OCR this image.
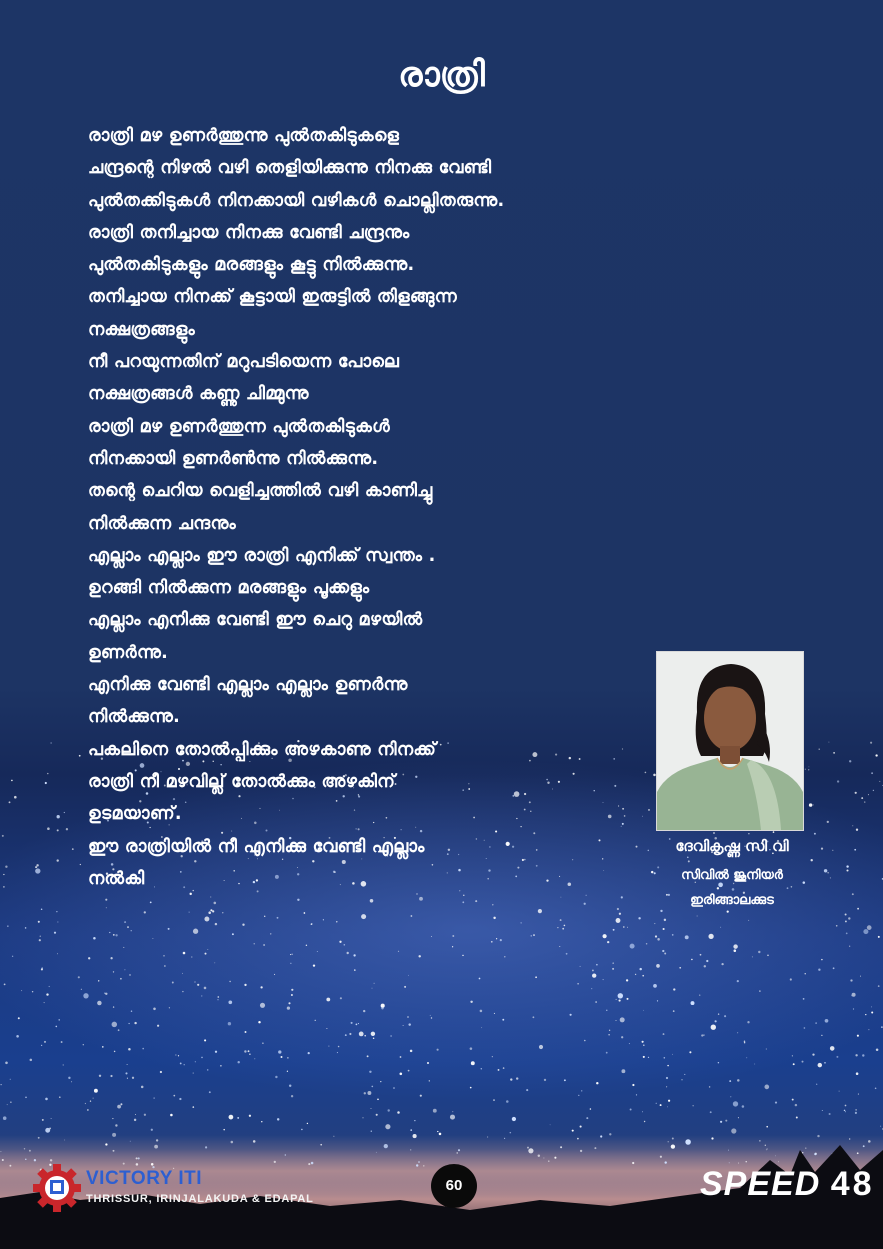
രാത്രി
രാത്രി മഴ ഉണർത്തുന്നു പുൽതകിടുകളെ
ചന്ദ്രന്റെ നിഴൽ വഴി തെളിയിക്കുന്നു നിനക്കു വേണ്ടി
പുൽതക്കിടുകൾ നിനക്കായി വഴികൾ ചൊല്ലിതരുന്നു.
രാത്രി തനിച്ചായ നിനക്കു വേണ്ടി ചന്ദ്രനും
പുൽതകിടുകളും മരങ്ങളും കൂട്ടു നിൽക്കുന്നു.
തനിച്ചായ നിനക്ക് കൂട്ടായി ഇരുട്ടിൽ തിളങ്ങുന്ന
നക്ഷത്രങ്ങളും
നീ പറയുന്നതിന് മറുപടിയെന്ന പോലെ
നക്ഷത്രങ്ങൾ കണ്ണു ചിമ്മുന്നു
രാത്രി മഴ ഉണർത്തുന്ന പുൽതകിടുകൾ
നിനക്കായി ഉണർൺന്നു നിൽക്കുന്നു.
തന്റെ ചെറിയ വെളിച്ചത്തിൽ വഴി കാണിച്ചു
നിൽക്കുന്ന ചന്ദനും
എല്ലാം എല്ലാം ഈ രാത്രി എനിക്ക് സ്വന്തം .
ഉറങ്ങി നിൽക്കുന്ന മരങ്ങളും പൂക്കളും
എല്ലാം എനിക്കു വേണ്ടി ഈ ചെറു മഴയിൽ
ഉണർന്നു.
എനിക്കു വേണ്ടി എല്ലാം എല്ലാം ഉണർന്നു
നിൽക്കുന്നു.
പകലിനെ തോൽപ്പിക്കും അഴകാണു നിനക്ക്
രാത്രി നീ മഴവില്ല് തോൽക്കും അഴകിന്
ഉടമയാണ്.
ഈ രാത്രിയിൽ നീ എനിക്കു വേണ്ടി എല്ലാം
നൽകി
ദേവികൃഷ്ണ സി വി
സിവിൽ ജൂനിയർ
ഇരിങ്ങാലക്കുട
VICTORY ITI
THRISSUR, IRINJALAKUDA & EDAPAL
60	SPEED 48
